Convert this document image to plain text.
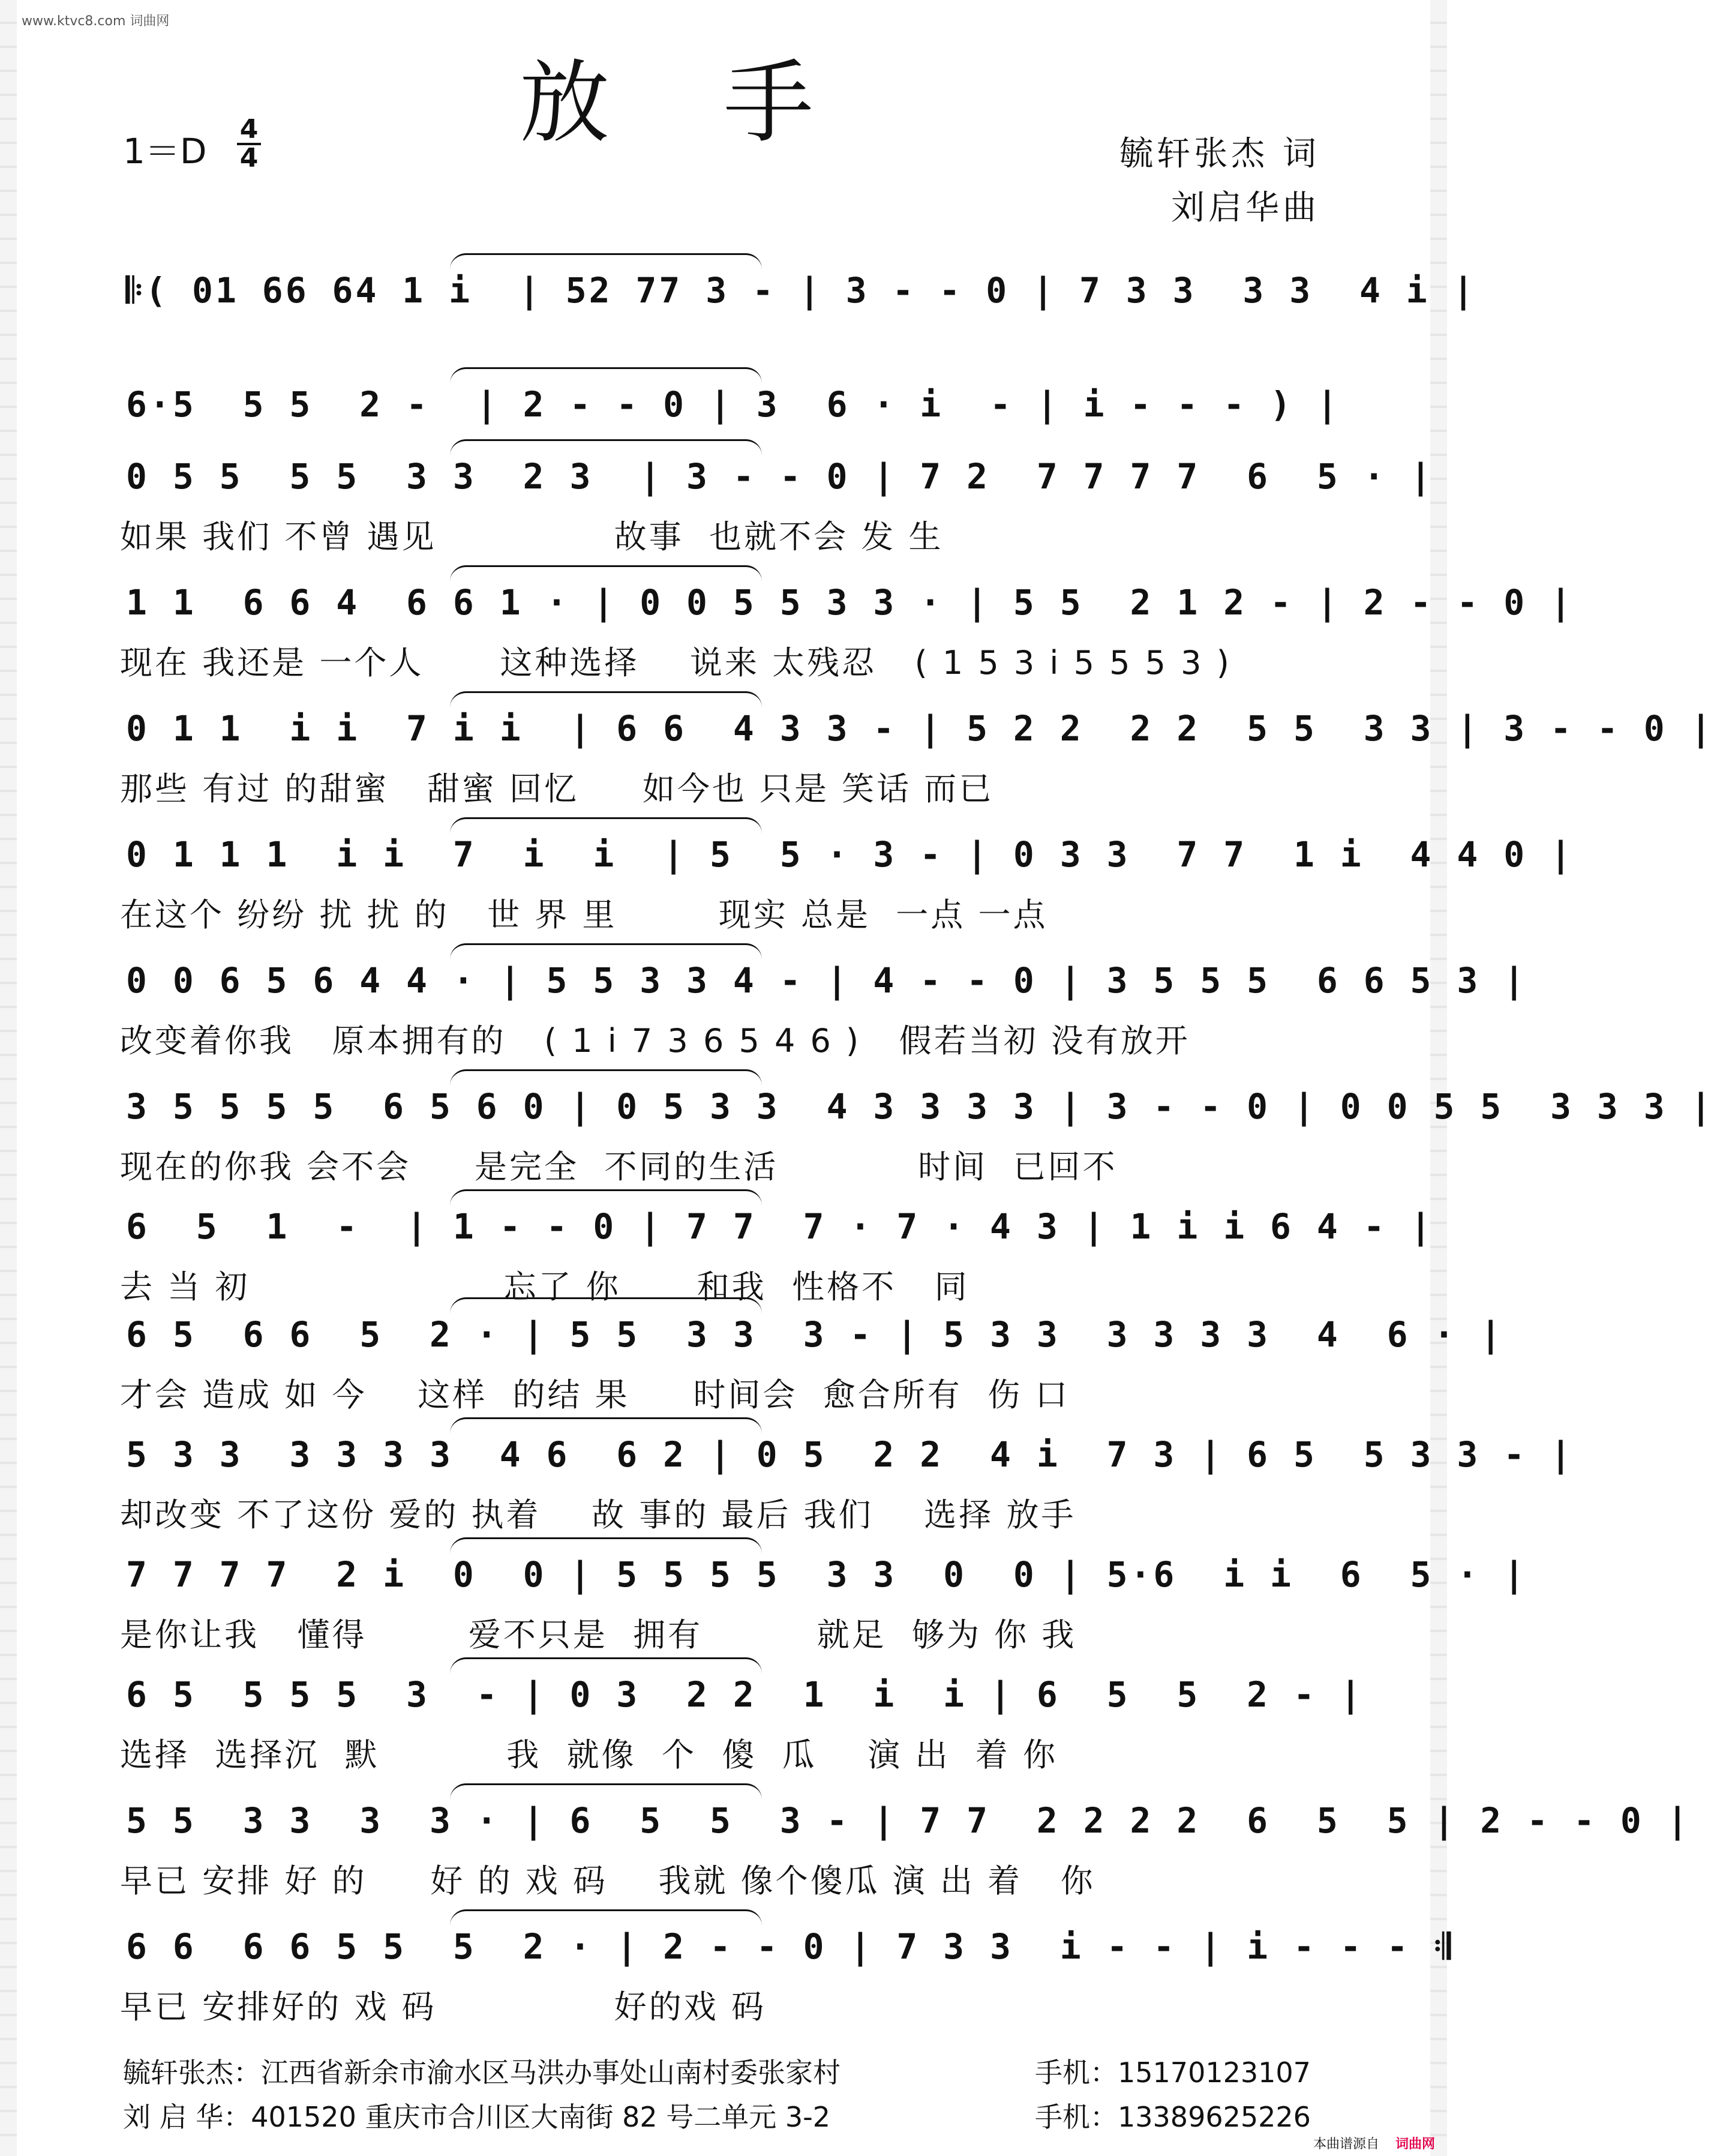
www.ktvc8.com 词曲网
放手
1＝D
4
4	毓轩张杰 词
刘启华曲
𝄆( 01 66 64 1 i  | 52 77 3 - | 3 - - 0 | 7 3 3  3 3  4 i |
6·5  5 5  2 -  | 2 - - 0 | 3  6 · i  - | i - - - ) |
0 5 5  5 5  3 3  2 3  | 3 - - 0 | 7 2  7 7 7 7  6  5 · |
如果 我们 不曾 遇见              故事  也就不会 发 生
1 1  6 6 4  6 6 1 · | 0 0 5 5 3 3 · | 5 5  2 1 2 - | 2 - - 0 |
现在 我还是 一个人      这种选择    说来 太残忍   ( 1 5 3 i 5 5 5 3 )
0 1 1  i i  7 i i  | 6 6  4 3 3 - | 5 2 2  2 2  5 5  3 3 | 3 - - 0 |
那些 有过 的甜蜜   甜蜜 回忆     如今也 只是 笑话 而已
0 1 1 1  i i  7  i  i  | 5  5 · 3 - | 0 3 3  7 7  1 i  4 4 0 |
在这个 纷纷 扰 扰 的   世 界 里        现实 总是  一点 一点
0 0 6 5 6 4 4 · | 5 5 3 3 4 - | 4 - - 0 | 3 5 5 5  6 6 5 3 |
改变着你我   原本拥有的   ( 1 i 7 3 6 5 4 6 )   假若当初 没有放开
3 5 5 5 5  6 5 6 0 | 0 5 3 3  4 3 3 3 3 | 3 - - 0 | 0 0 5 5  3 3 3 |
现在的你我 会不会     是完全  不同的生活           时间  已回不
6  5  1  -  | 1 - - 0 | 7 7  7 · 7 · 4 3 | 1 i i 6 4 - |
去 当 初                    忘了 你      和我  性格不   同
6 5  6 6  5  2 · | 5 5  3 3  3 - | 5 3 3  3 3 3 3  4  6 · |
才会 造成 如 今    这样  的结 果     时间会  愈合所有  伤 口
5 3 3  3 3 3 3  4 6  6 2 | 0 5  2 2  4 i  7 3 | 6 5  5 3 3 - |
却改变 不了这份 爱的 执着    故 事的 最后 我们    选择 放手
7 7 7 7  2 i  0  0 | 5 5 5 5  3 3  0  0 | 5·6  i i  6  5 · |
是你让我   懂得        爱不只是  拥有         就足  够为 你 我
6 5  5 5 5  3  - | 0 3  2 2  1  i  i | 6  5  5  2 - |
选择  选择沉  默          我  就像  个  傻  瓜    演 出  着 你
5 5  3 3  3  3 · | 6  5  5  3 - | 7 7  2 2 2 2  6  5  5 | 2 - - 0 |
早已 安排 好 的     好 的 戏 码    我就 像个傻瓜 演 出 着   你
6 6  6 6 5 5  5  2 · | 2 - - 0 | 7 3 3  i - - | i - - - 𝄇
早已 安排好的 戏 码              好的戏 码
毓轩张杰：江西省新余市渝水区马洪办事处山南村委张家村	手机：15170123107
刘 启 华：401520 重庆市合川区大南街 82 号二单元 3-2	手机：13389625226
本曲谱源自 词曲网
